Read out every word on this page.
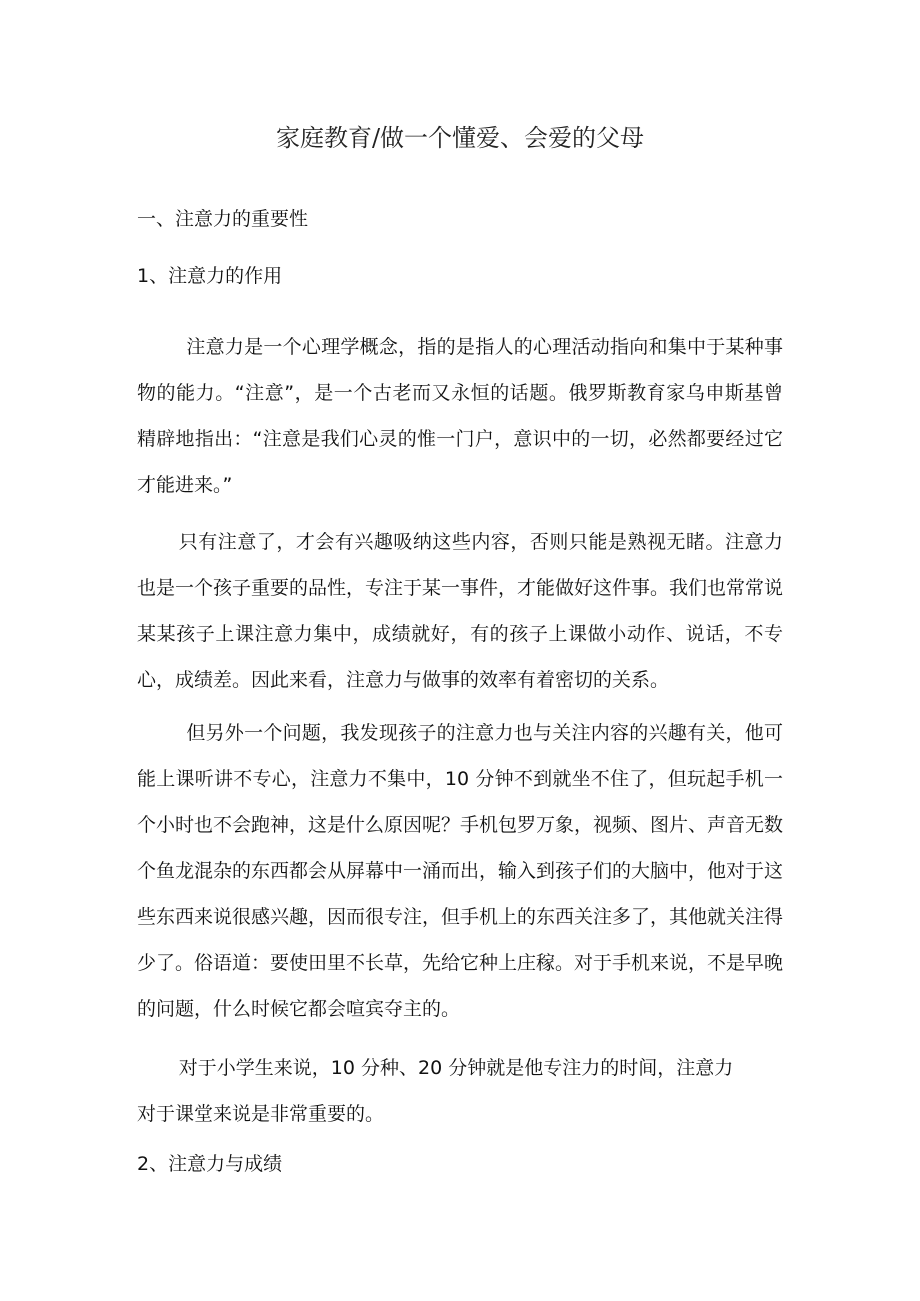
家庭教育/做一个懂爱、会爱的父母
一、注意力的重要性
1、注意力的作用

注意力是一个心理学概念，指的是指人的心理活动指向和集中于某种事物的能力。“注意”，是一个古老而又永恒的话题。俄罗斯教育家乌申斯基曾精辟地指出：“注意是我们心灵的惟一门户，意识中的一切，必然都要经过它才能进来。”

只有注意了，才会有兴趣吸纳这些内容，否则只能是熟视无睹。注意力也是一个孩子重要的品性，专注于某一事件，才能做好这件事。我们也常常说某某孩子上课注意力集中，成绩就好，有的孩子上课做小动作、说话，不专心，成绩差。因此来看，注意力与做事的效率有着密切的关系。

但另外一个问题，我发现孩子的注意力也与关注内容的兴趣有关，他可能上课听讲不专心，注意力不集中，10 分钟不到就坐不住了，但玩起手机一个小时也不会跑神，这是什么原因呢？手机包罗万象，视频、图片、声音无数个鱼龙混杂的东西都会从屏幕中一涌而出，输入到孩子们的大脑中，他对于这些东西来说很感兴趣，因而很专注，但手机上的东西关注多了，其他就关注得少了。俗语道：要使田里不长草，先给它种上庄稼。对于手机来说，不是早晚的问题，什么时候它都会喧宾夺主的。

对于小学生来说，10 分种、20 分钟就是他专注力的时间，注意力对于课堂来说是非常重要的。

2、注意力与成绩
